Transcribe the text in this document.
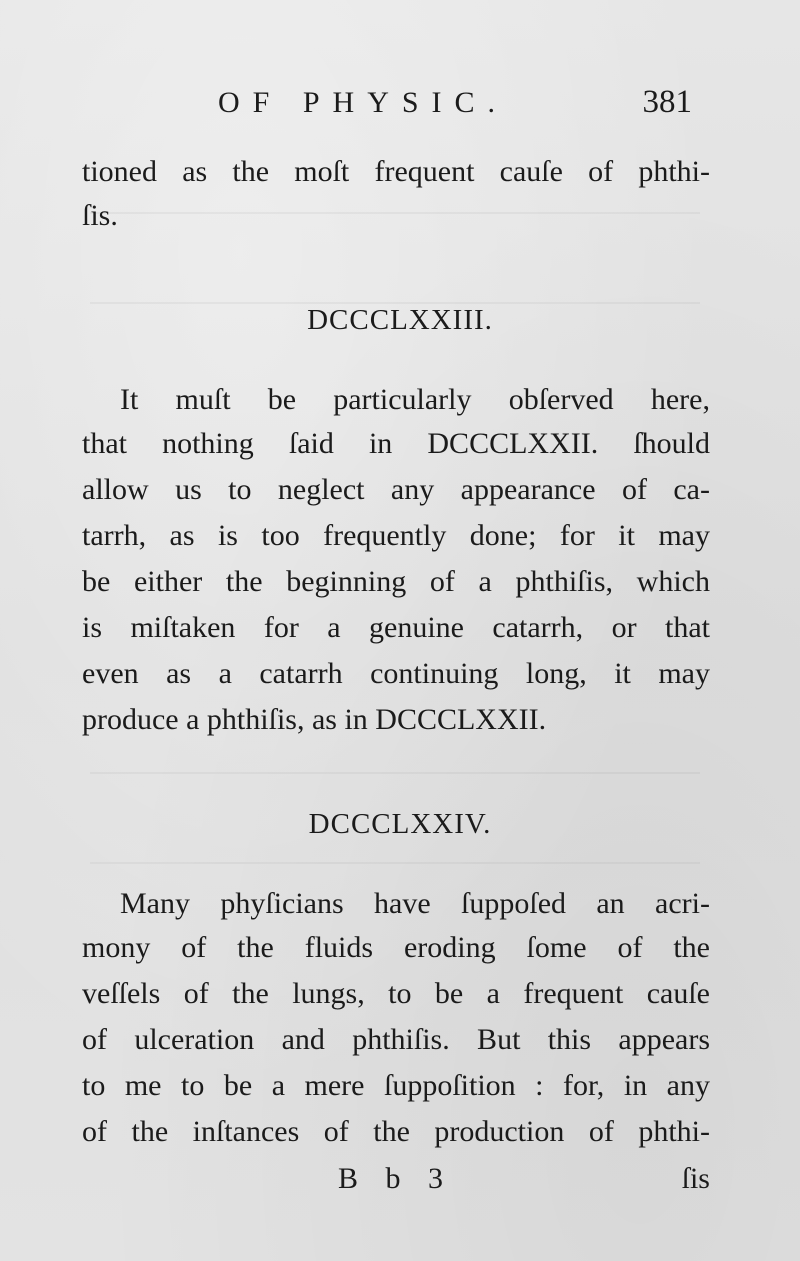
OF PHYSIC.	381
tioned as the moſt frequent cauſe of phthi-
ſis.
DCCCLXXIII.
It muſt be particularly obſerved here,
that nothing ſaid in DCCCLXXII. ſhould
allow us to neglect any appearance of ca-
tarrh, as is too frequently done; for it may
be either the beginning of a phthiſis, which
is miſtaken for a genuine catarrh, or that
even as a catarrh continuing long, it may
produce a phthiſis, as in DCCCLXXII.
DCCCLXXIV.
Many phyſicians have ſuppoſed an acri-
mony of the fluids eroding ſome of the
veſſels of the lungs, to be a frequent cauſe
of ulceration and phthiſis. But this appears
to me to be a mere ſuppoſition : for, in any
of the inſtances of the production of phthi-
B b 3	ſis
